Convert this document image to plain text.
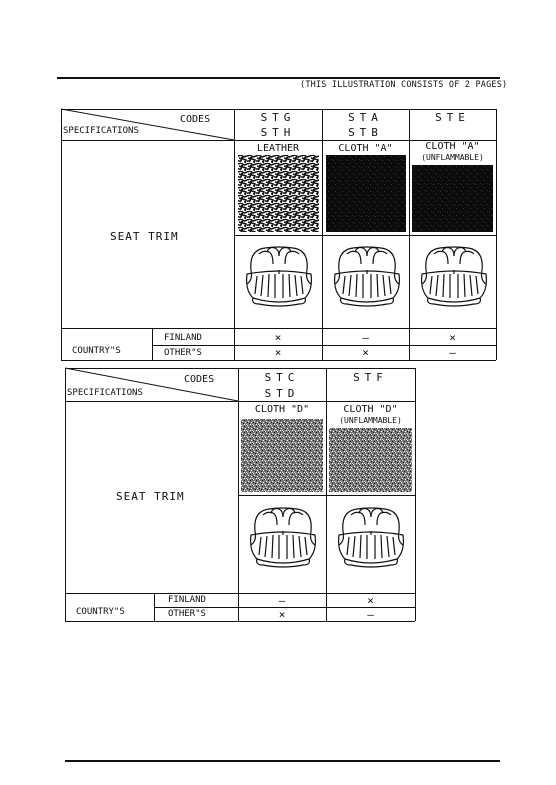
(THIS ILLUSTRATION CONSISTS OF 2 PAGES)
CODES
SPECIFICATIONS
SEAT TRIM
COUNTRY"S
FINLAND
OTHER"S
STG
STH
LEATHER
×
×
STA
STB
CLOTH "A"
—
×
STE
CLOTH "A"
(UNFLAMMABLE)
×
—
CODES
SPECIFICATIONS
SEAT TRIM
COUNTRY"S
FINLAND
OTHER"S
STC
STD
CLOTH "D"
—
×
STF
CLOTH "D"
(UNFLAMMABLE)
×
—
